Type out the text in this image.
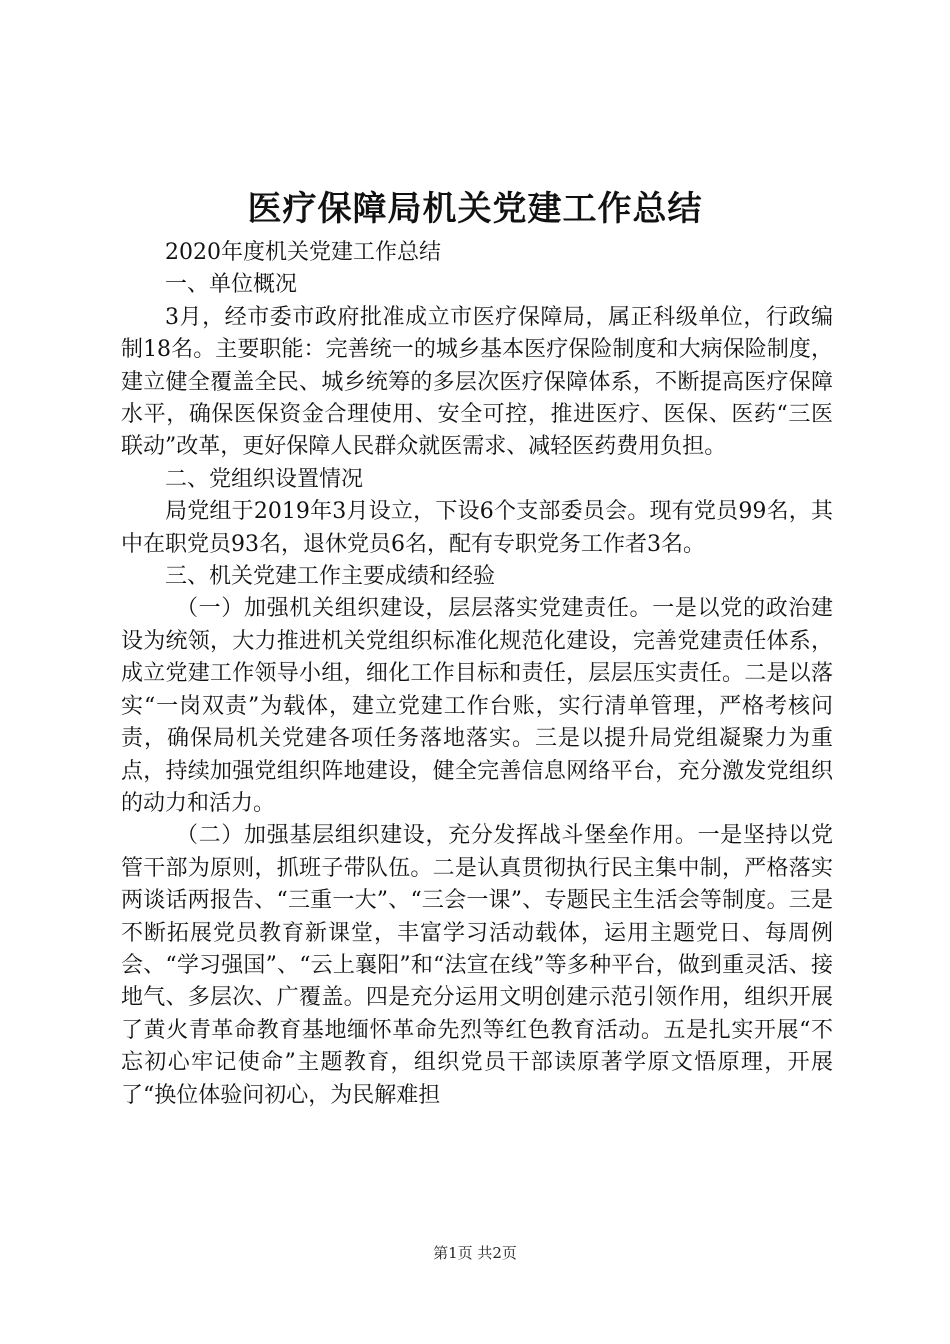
医疗保障局机关党建工作总结

2020年度机关党建工作总结

一、单位概况

3月，经市委市政府批准成立市医疗保障局，属正科级单位，行政编制18名。主要职能：完善统一的城乡基本医疗保险制度和大病保险制度，建立健全覆盖全民、城乡统筹的多层次医疗保障体系，不断提高医疗保障水平，确保医保资金合理使用、安全可控，推进医疗、医保、医药“三医联动”改革，更好保障人民群众就医需求、减轻医药费用负担。

二、党组织设置情况

局党组于2019年3月设立，下设6个支部委员会。现有党员99名，其中在职党员93名，退休党员6名，配有专职党务工作者3名。

三、机关党建工作主要成绩和经验

（一）加强机关组织建设，层层落实党建责任。一是以党的政治建设为统领，大力推进机关党组织标准化规范化建设，完善党建责任体系，成立党建工作领导小组，细化工作目标和责任，层层压实责任。二是以落实“一岗双责”为载体，建立党建工作台账，实行清单管理，严格考核问责，确保局机关党建各项任务落地落实。三是以提升局党组凝聚力为重点，持续加强党组织阵地建设，健全完善信息网络平台，充分激发党组织的动力和活力。

（二）加强基层组织建设，充分发挥战斗堡垒作用。一是坚持以党管干部为原则，抓班子带队伍。二是认真贯彻执行民主集中制，严格落实两谈话两报告、“三重一大”、“三会一课”、专题民主生活会等制度。三是不断拓展党员教育新课堂，丰富学习活动载体，运用主题党日、每周例会、“学习强国”、“云上襄阳”和“法宣在线”等多种平台，做到重灵活、接地气、多层次、广覆盖。四是充分运用文明创建示范引领作用，组织开展了黄火青革命教育基地缅怀革命先烈等红色教育活动。五是扎实开展“不忘初心牢记使命”主题教育，组织党员干部读原著学原文悟原理，开展了“换位体验问初心，为民解难担

第1页 共2页
